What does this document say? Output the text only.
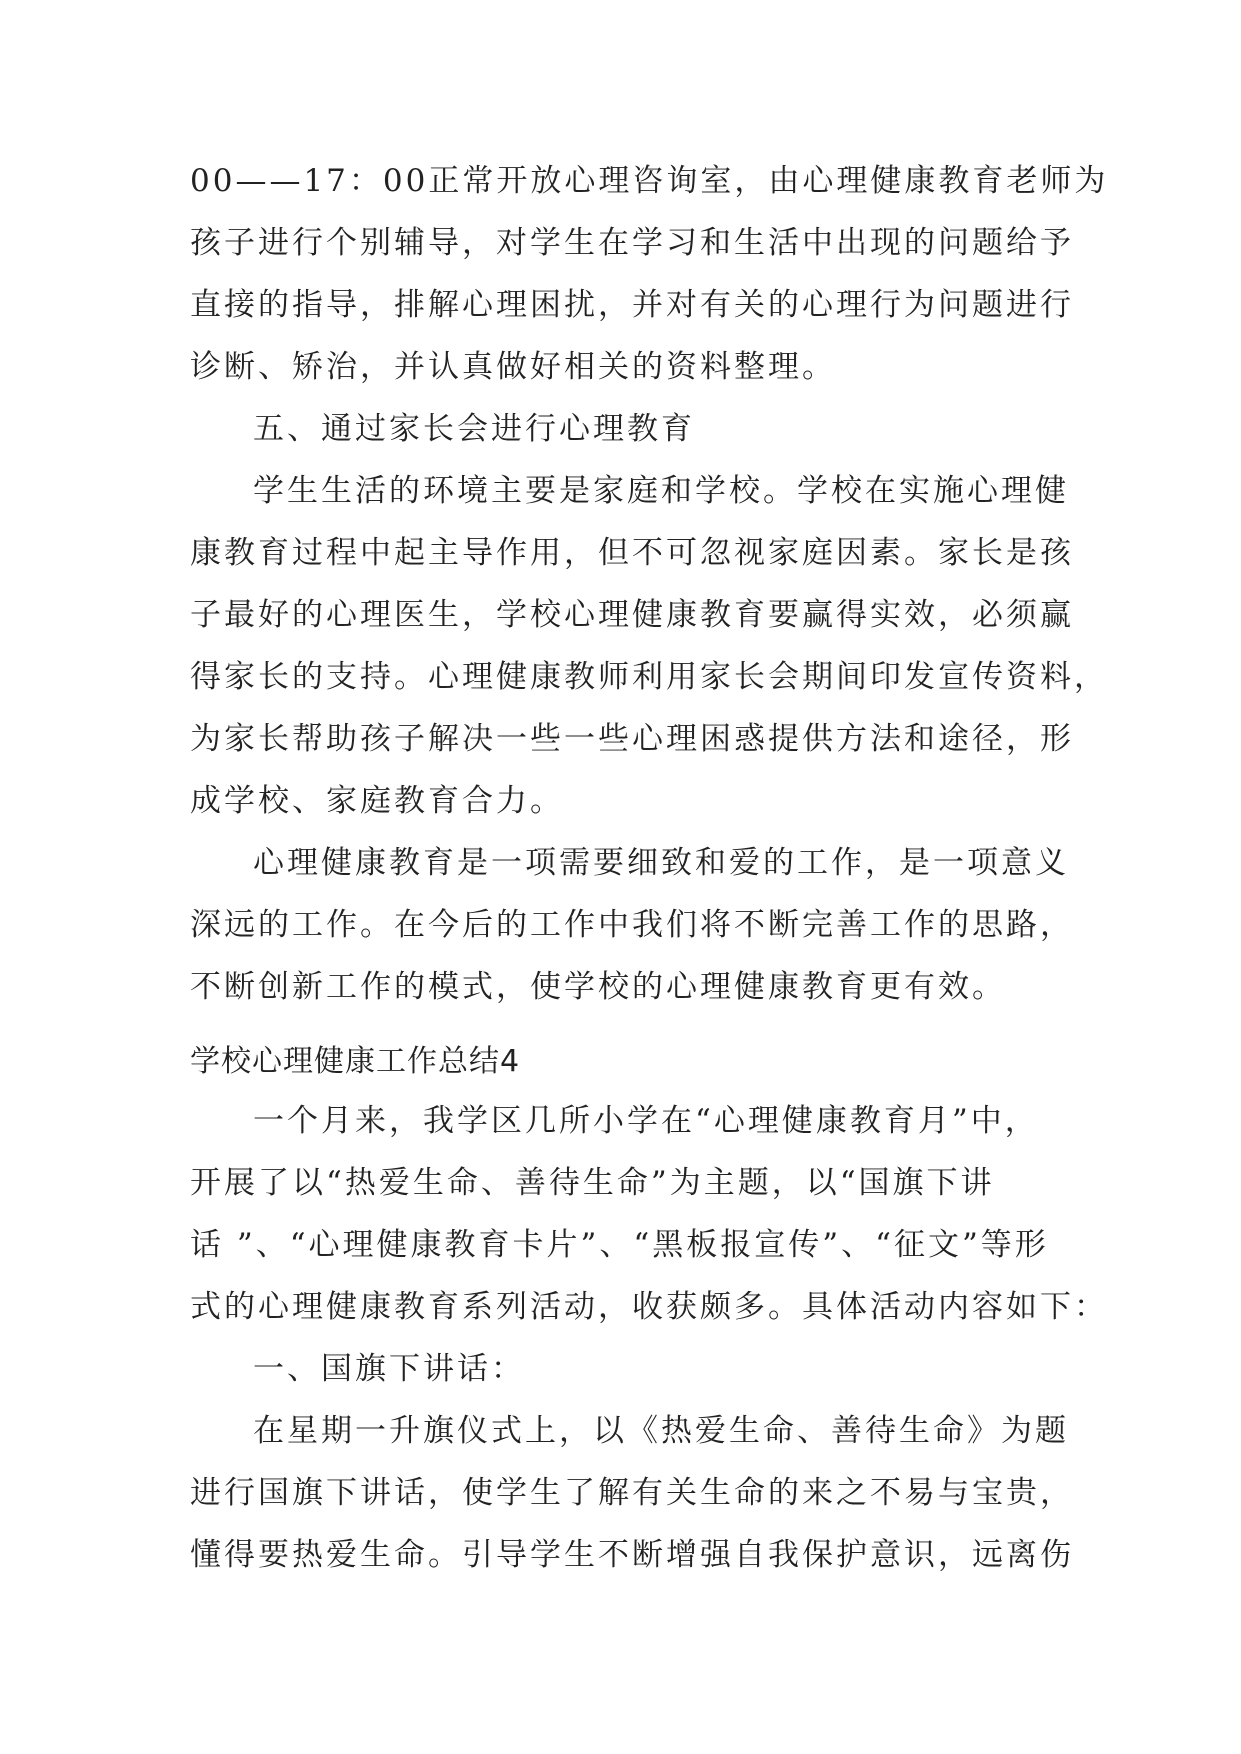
00——17：00正常开放心理咨询室，由心理健康教育老师为
孩子进行个别辅导，对学生在学习和生活中出现的问题给予
直接的指导，排解心理困扰，并对有关的心理行为问题进行
诊断、矫治，并认真做好相关的资料整理。
五、通过家长会进行心理教育
学生生活的环境主要是家庭和学校。学校在实施心理健
康教育过程中起主导作用，但不可忽视家庭因素。家长是孩
子最好的心理医生，学校心理健康教育要赢得实效，必须赢
得家长的支持。心理健康教师利用家长会期间印发宣传资料，
为家长帮助孩子解决一些一些心理困惑提供方法和途径，形
成学校、家庭教育合力。
心理健康教育是一项需要细致和爱的工作，是一项意义
深远的工作。在今后的工作中我们将不断完善工作的思路，
不断创新工作的模式，使学校的心理健康教育更有效。
学校心理健康工作总结4
一个月来，我学区几所小学在“心理健康教育月”中，
开展了以“热爱生命、善待生命”为主题，以“国旗下讲
话 ”、“心理健康教育卡片”、“黑板报宣传”、“征文”等形
式的心理健康教育系列活动，收获颇多。具体活动内容如下：
一、国旗下讲话：
在星期一升旗仪式上，以《热爱生命、善待生命》为题
进行国旗下讲话，使学生了解有关生命的来之不易与宝贵，
懂得要热爱生命。引导学生不断增强自我保护意识，远离伤
